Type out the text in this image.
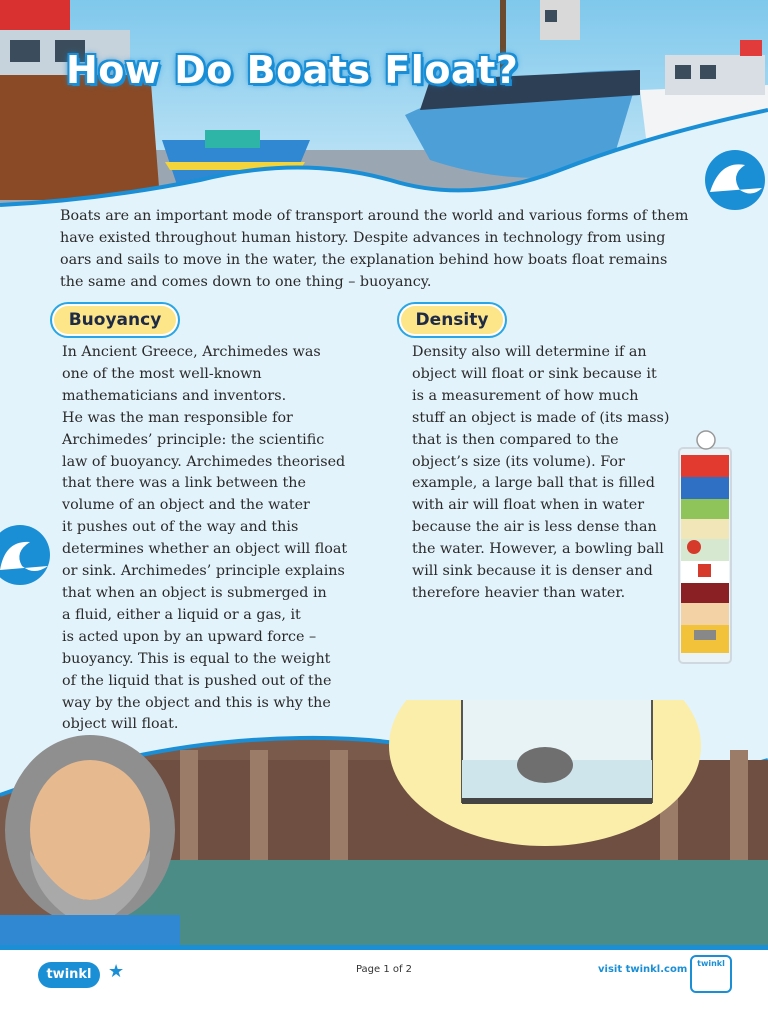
How Do Boats Float?
Boats are an important mode of transport around the world and various forms of them have existed throughout human history. Despite advances in technology from using oars and sails to move in the water, the explanation behind how boats float remains the same and comes down to one thing – buoyancy.
Buoyancy

In Ancient Greece, Archimedes was

one of the most well-known

mathematicians and inventors.

He was the man responsible for

Archimedes’ principle: the scientific

law of buoyancy. Archimedes theorised

that there was a link between the

volume of an object and the water

it pushes out of the way and this

determines whether an object will float

or sink. Archimedes’ principle explains

that when an object is submerged in

a fluid, either a liquid or a gas, it

is acted upon by an upward force –

buoyancy. This is equal to the weight

of the liquid that is pushed out of the

way by the object and this is why the

object will float.

Density

Density also will determine if an

object will float or sink because it

is a measurement of how much

stuff an object is made of (its mass)

that is then compared to the

object’s size (its volume). For

example, a large ball that is filled

with air will float when in water

because the air is less dense than

the water. However, a bowling ball

will sink because it is denser and

therefore heavier than water.

twinkl ★	Page 1 of 2	visit twinkl.com
twinkl
